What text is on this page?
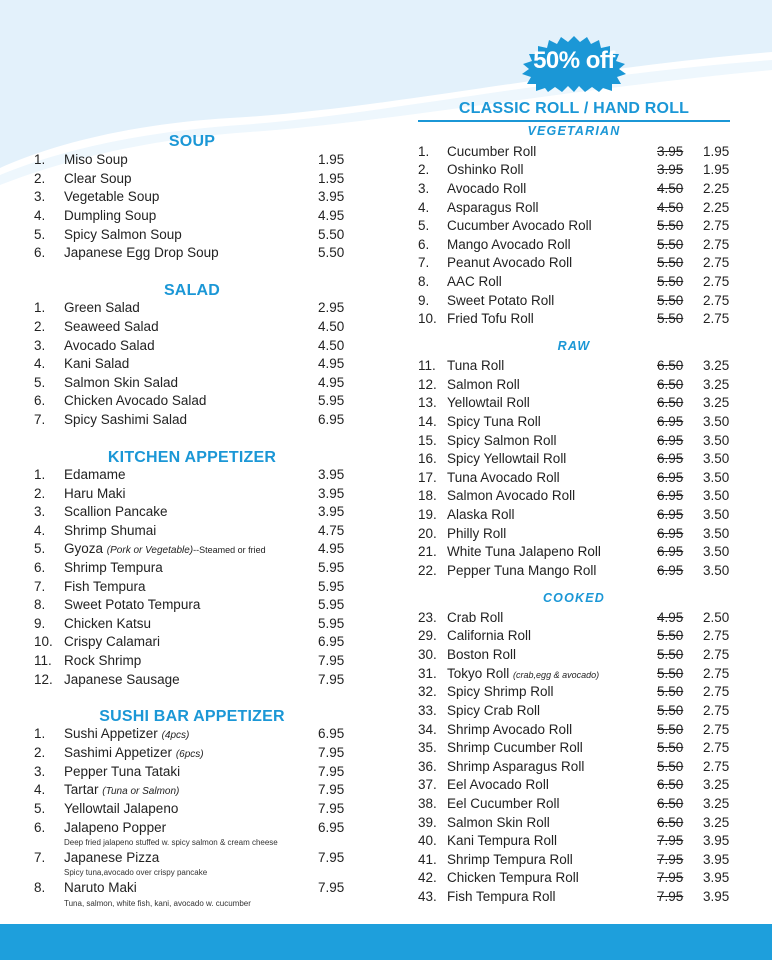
50% off
SOUP
1. Miso Soup	1.95
2. Clear Soup	1.95
3. Vegetable Soup	3.95
4. Dumpling Soup	4.95
5. Spicy Salmon Soup	5.50
6. Japanese Egg Drop Soup	5.50
SALAD
1. Green Salad	2.95
2. Seaweed Salad	4.50
3. Avocado Salad	4.50
4. Kani Salad	4.95
5. Salmon Skin Salad	4.95
6. Chicken Avocado Salad	5.95
7. Spicy Sashimi Salad	6.95
KITCHEN APPETIZER
1. Edamame	3.95
2. Haru Maki	3.95
3. Scallion Pancake	3.95
4. Shrimp Shumai	4.75
5. Gyoza (Pork or Vegetable)--Steamed or fried	4.95
6. Shrimp Tempura	5.95
7. Fish Tempura	5.95
8. Sweet Potato Tempura	5.95
9. Chicken Katsu	5.95
10. Crispy Calamari	6.95
11. Rock Shrimp	7.95
12. Japanese Sausage	7.95
SUSHI BAR APPETIZER
1. Sushi Appetizer (4pcs)	6.95
2. Sashimi Appetizer (6pcs)	7.95
3. Pepper Tuna Tataki	7.95
4. Tartar (Tuna or Salmon)	7.95
5. Yellowtail Jalapeno	7.95
6. Jalapeno Popper	6.95
Deep fried jalapeno stuffed w. spicy salmon & cream cheese
7. Japanese Pizza	7.95
Spicy tuna,avocado over crispy pancake
8. Naruto Maki	7.95
Tuna, salmon, white fish, kani, avocado w. cucumber
CLASSIC ROLL / HAND ROLL
VEGETARIAN
1. Cucumber Roll	3.95 1.95
2. Oshinko Roll	3.95 1.95
3. Avocado Roll	4.50 2.25
4. Asparagus Roll	4.50 2.25
5. Cucumber Avocado Roll	5.50 2.75
6. Mango Avocado Roll	5.50 2.75
7. Peanut Avocado Roll	5.50 2.75
8. AAC Roll	5.50 2.75
9. Sweet Potato Roll	5.50 2.75
10. Fried Tofu Roll	5.50 2.75
RAW
11. Tuna Roll	6.50 3.25
12. Salmon Roll	6.50 3.25
13. Yellowtail Roll	6.50 3.25
14. Spicy Tuna Roll	6.95 3.50
15. Spicy Salmon Roll	6.95 3.50
16. Spicy Yellowtail Roll	6.95 3.50
17. Tuna Avocado Roll	6.95 3.50
18. Salmon Avocado Roll	6.95 3.50
19. Alaska Roll	6.95 3.50
20. Philly Roll	6.95 3.50
21. White Tuna Jalapeno Roll	6.95 3.50
22. Pepper Tuna Mango Roll	6.95 3.50
COOKED
23. Crab Roll	4.95 2.50
29. California Roll	5.50 2.75
30. Boston Roll	5.50 2.75
31. Tokyo Roll (crab,egg & avocado)	5.50 2.75
32. Spicy Shrimp Roll	5.50 2.75
33. Spicy Crab Roll	5.50 2.75
34. Shrimp Avocado Roll	5.50 2.75
35. Shrimp Cucumber Roll	5.50 2.75
36. Shrimp Asparagus Roll	5.50 2.75
37. Eel Avocado Roll	6.50 3.25
38. Eel Cucumber Roll	6.50 3.25
39. Salmon Skin Roll	6.50 3.25
40. Kani Tempura Roll	7.95 3.95
41. Shrimp Tempura Roll	7.95 3.95
42. Chicken Tempura Roll	7.95 3.95
43. Fish Tempura Roll	7.95 3.95
